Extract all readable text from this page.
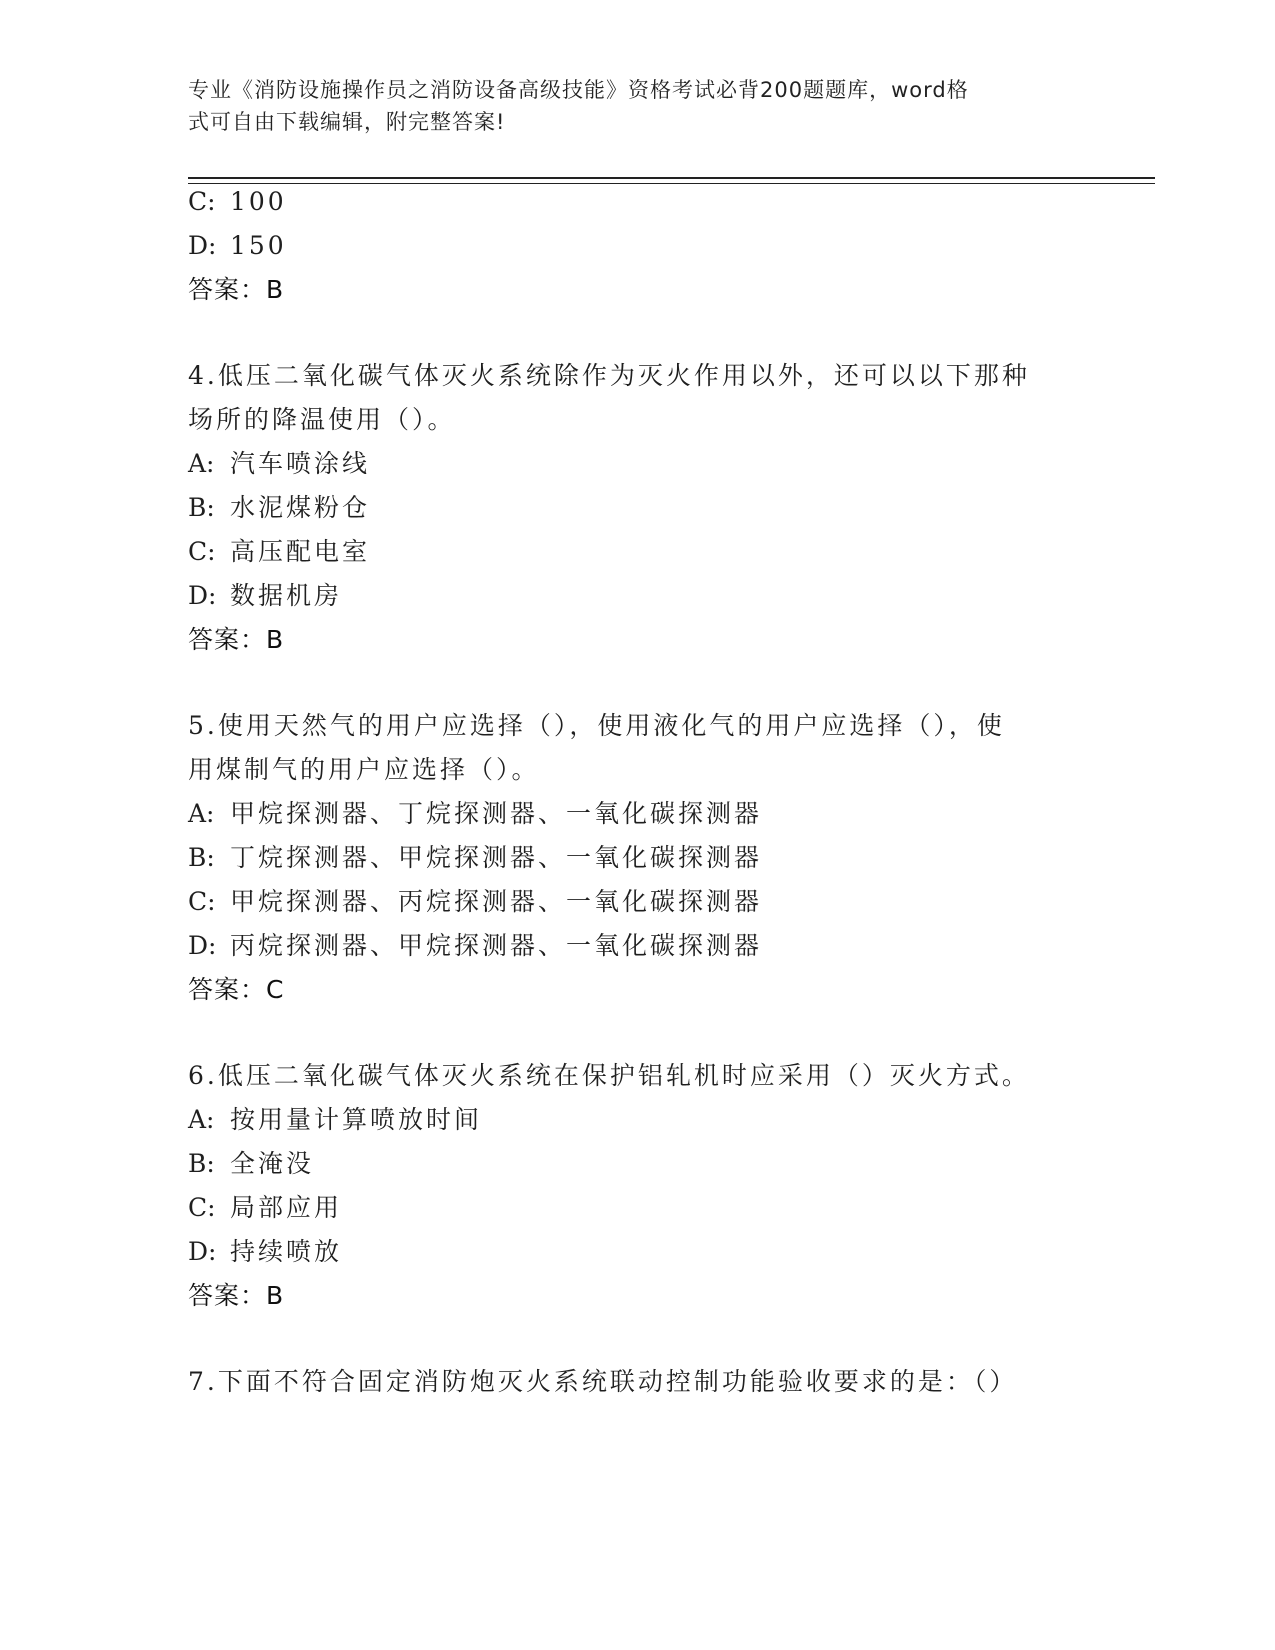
专业《消防设施操作员之消防设备高级技能》资格考试必背200题题库，word格
式可自由下载编辑，附完整答案!
C: 100
D: 150
答案：B
4.低压二氧化碳气体灭火系统除作为灭火作用以外，还可以以下那种
场所的降温使用（）。
A: 汽车喷涂线
B: 水泥煤粉仓
C: 高压配电室
D: 数据机房
答案：B
5.使用天然气的用户应选择（），使用液化气的用户应选择（），使
用煤制气的用户应选择（）。
A: 甲烷探测器、丁烷探测器、一氧化碳探测器
B: 丁烷探测器、甲烷探测器、一氧化碳探测器
C: 甲烷探测器、丙烷探测器、一氧化碳探测器
D: 丙烷探测器、甲烷探测器、一氧化碳探测器
答案：C
6.低压二氧化碳气体灭火系统在保护铝轧机时应采用（）灭火方式。
A: 按用量计算喷放时间
B: 全淹没
C: 局部应用
D: 持续喷放
答案：B
7.下面不符合固定消防炮灭火系统联动控制功能验收要求的是：（）
